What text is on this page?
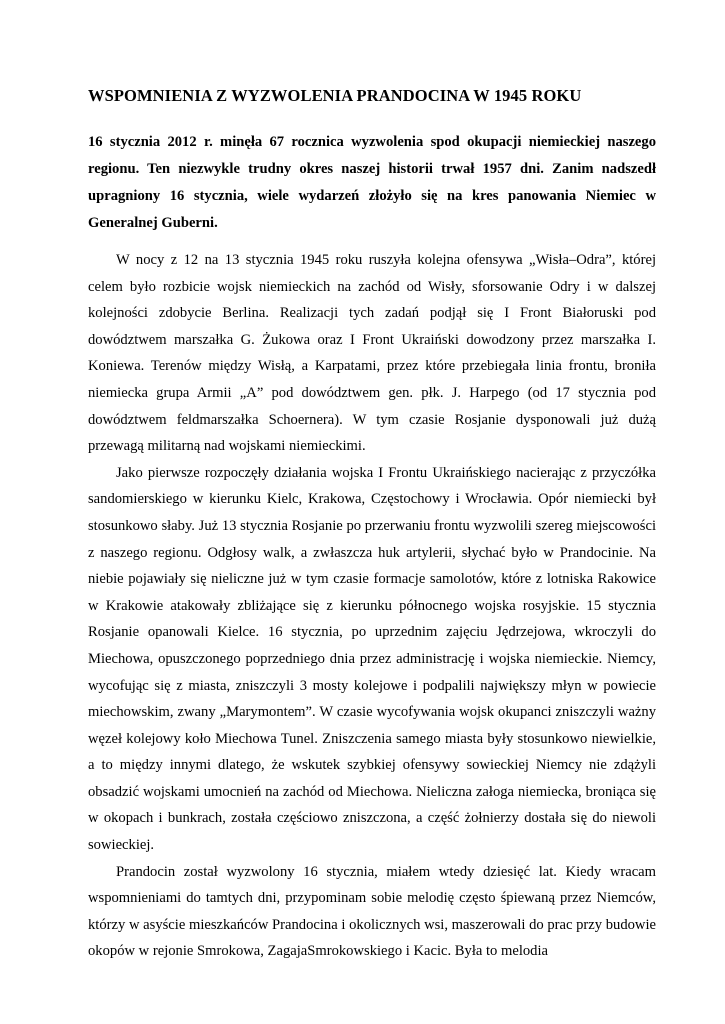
WSPOMNIENIA Z WYZWOLENIA PRANDOCINA W 1945 ROKU

16 stycznia 2012 r. minęła 67 rocznica wyzwolenia spod okupacji niemieckiej naszego regionu. Ten niezwykle trudny okres naszej historii trwał 1957 dni. Zanim nadszedł upragniony 16 stycznia, wiele wydarzeń złożyło się na kres panowania Niemiec w Generalnej Guberni.

W nocy z 12 na 13 stycznia 1945 roku ruszyła kolejna ofensywa „Wisła–Odra”, której celem było rozbicie wojsk niemieckich na zachód od Wisły, sforsowanie Odry i w dalszej kolejności zdobycie Berlina. Realizacji tych zadań podjął się I Front Białoruski pod dowództwem marszałka G. Żukowa oraz I Front Ukraiński dowodzony przez marszałka I. Koniewa. Terenów między Wisłą, a Karpatami, przez które przebiegała linia frontu, broniła niemiecka grupa Armii „A” pod dowództwem gen. płk. J. Harpego (od 17 stycznia pod dowództwem feldmarszałka Schoernera). W tym czasie Rosjanie dysponowali już dużą przewagą militarną nad wojskami niemieckimi.

Jako pierwsze rozpoczęły działania wojska I Frontu Ukraińskiego nacierając z przyczółka sandomierskiego w kierunku Kielc, Krakowa, Częstochowy i Wrocławia. Opór niemiecki był stosunkowo słaby. Już 13 stycznia Rosjanie po przerwaniu frontu wyzwolili szereg miejscowości z naszego regionu. Odgłosy walk, a zwłaszcza huk artylerii, słychać było w Prandocinie. Na niebie pojawiały się nieliczne już w tym czasie formacje samolotów, które z lotniska Rakowice w Krakowie atakowały zbliżające się z kierunku północnego wojska rosyjskie. 15 stycznia Rosjanie opanowali Kielce. 16 stycznia, po uprzednim zajęciu Jędrzejowa, wkroczyli do Miechowa, opuszczonego poprzedniego dnia przez administrację i wojska niemieckie. Niemcy, wycofując się z miasta, zniszczyli 3 mosty kolejowe i podpalili największy młyn w powiecie miechowskim, zwany „Marymontem”. W czasie wycofywania wojsk okupanci zniszczyli ważny węzeł kolejowy koło Miechowa Tunel. Zniszczenia samego miasta były stosunkowo niewielkie, a to między innymi dlatego, że wskutek szybkiej ofensywy sowieckiej Niemcy nie zdążyli obsadzić wojskami umocnień na zachód od Miechowa. Nieliczna załoga niemiecka, broniąca się w okopach i bunkrach, została częściowo zniszczona, a część żołnierzy dostała się do niewoli sowieckiej.

Prandocin został wyzwolony 16 stycznia, miałem wtedy dziesięć lat. Kiedy wracam wspomnieniami do tamtych dni, przypominam sobie melodię często śpiewaną przez Niemców, którzy w asyście mieszkańców Prandocina i okolicznych wsi, maszerowali do prac przy budowie okopów w rejonie Smrokowa, ZagajaSmrokowskiego i Kacic. Była to melodia
